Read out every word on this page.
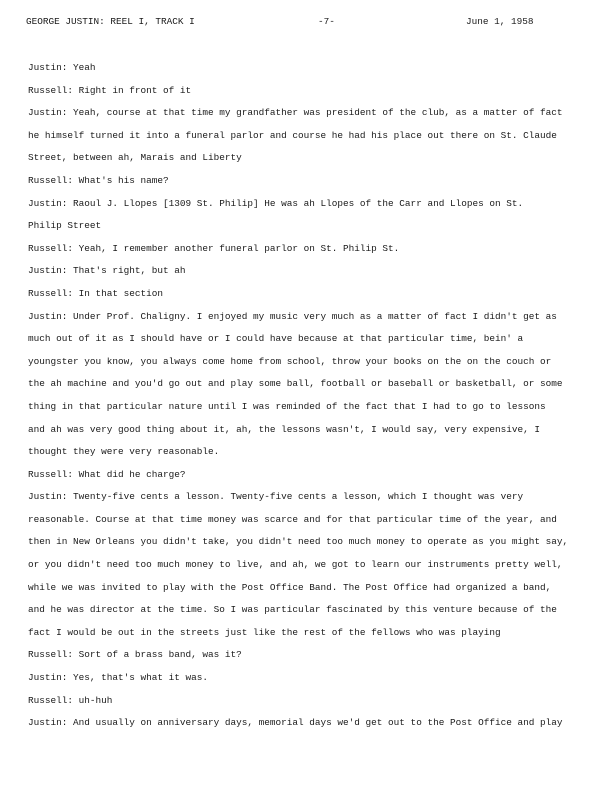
GEORGE JUSTIN: REEL I, TRACK I	-7-	June 1, 1958
Justin: Yeah
Russell: Right in front of it
Justin: Yeah, course at that time my grandfather was president of the club, as a matter of fact
he himself turned it into a funeral parlor and course he had his place out there on St. Claude
Street, between ah, Marais and Liberty
Russell: What's his name?
Justin: Raoul J. Llopes [1309 St. Philip] He was ah Llopes of the Carr and Llopes on St.
Philip Street
Russell: Yeah, I remember another funeral parlor on St. Philip St.
Justin: That's right, but ah
Russell: In that section
Justin: Under Prof. Chaligny. I enjoyed my music very much as a matter of fact I didn't get as
much out of it as I should have or I could have because at that particular time, bein' a
youngster you know, you always come home from school, throw your books on the on the couch or
the ah machine and you'd go out and play some ball, football or baseball or basketball, or some
thing in that particular nature until I was reminded of the fact that I had to go to lessons
and ah was very good thing about it, ah, the lessons wasn't, I would say, very expensive, I
thought they were very reasonable.
Russell: What did he charge?
Justin: Twenty-five cents a lesson. Twenty-five cents a lesson, which I thought was very
reasonable. Course at that time money was scarce and for that particular time of the year, and
then in New Orleans you didn't take, you didn't need too much money to operate as you might say,
or you didn't need too much money to live, and ah, we got to learn our instruments pretty well,
while we was invited to play with the Post Office Band. The Post Office had organized a band,
and he was director at the time. So I was particular fascinated by this venture because of the
fact I would be out in the streets just like the rest of the fellows who was playing
Russell: Sort of a brass band, was it?
Justin: Yes, that's what it was.
Russell: uh-huh
Justin: And usually on anniversary days, memorial days we'd get out to the Post Office and play
